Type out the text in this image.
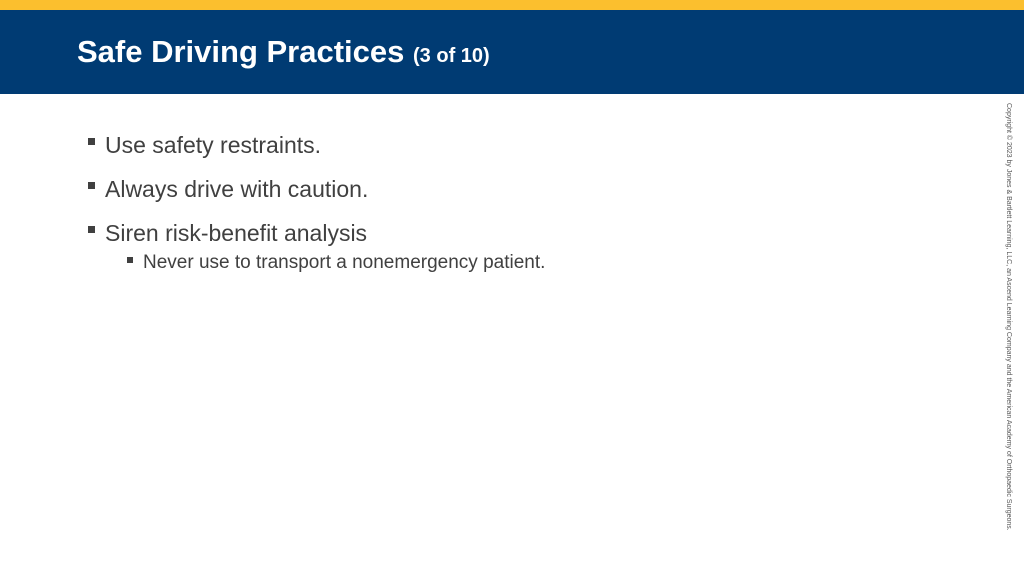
Safe Driving Practices (3 of 10)
Use safety restraints.
Always drive with caution.
Siren risk-benefit analysis
Never use to transport a nonemergency patient.	Copyright © 2023 by Jones & Bartlett Learning, LLC, an Ascend Learning Company and the American Academy of Orthopaedic Surgeons.
